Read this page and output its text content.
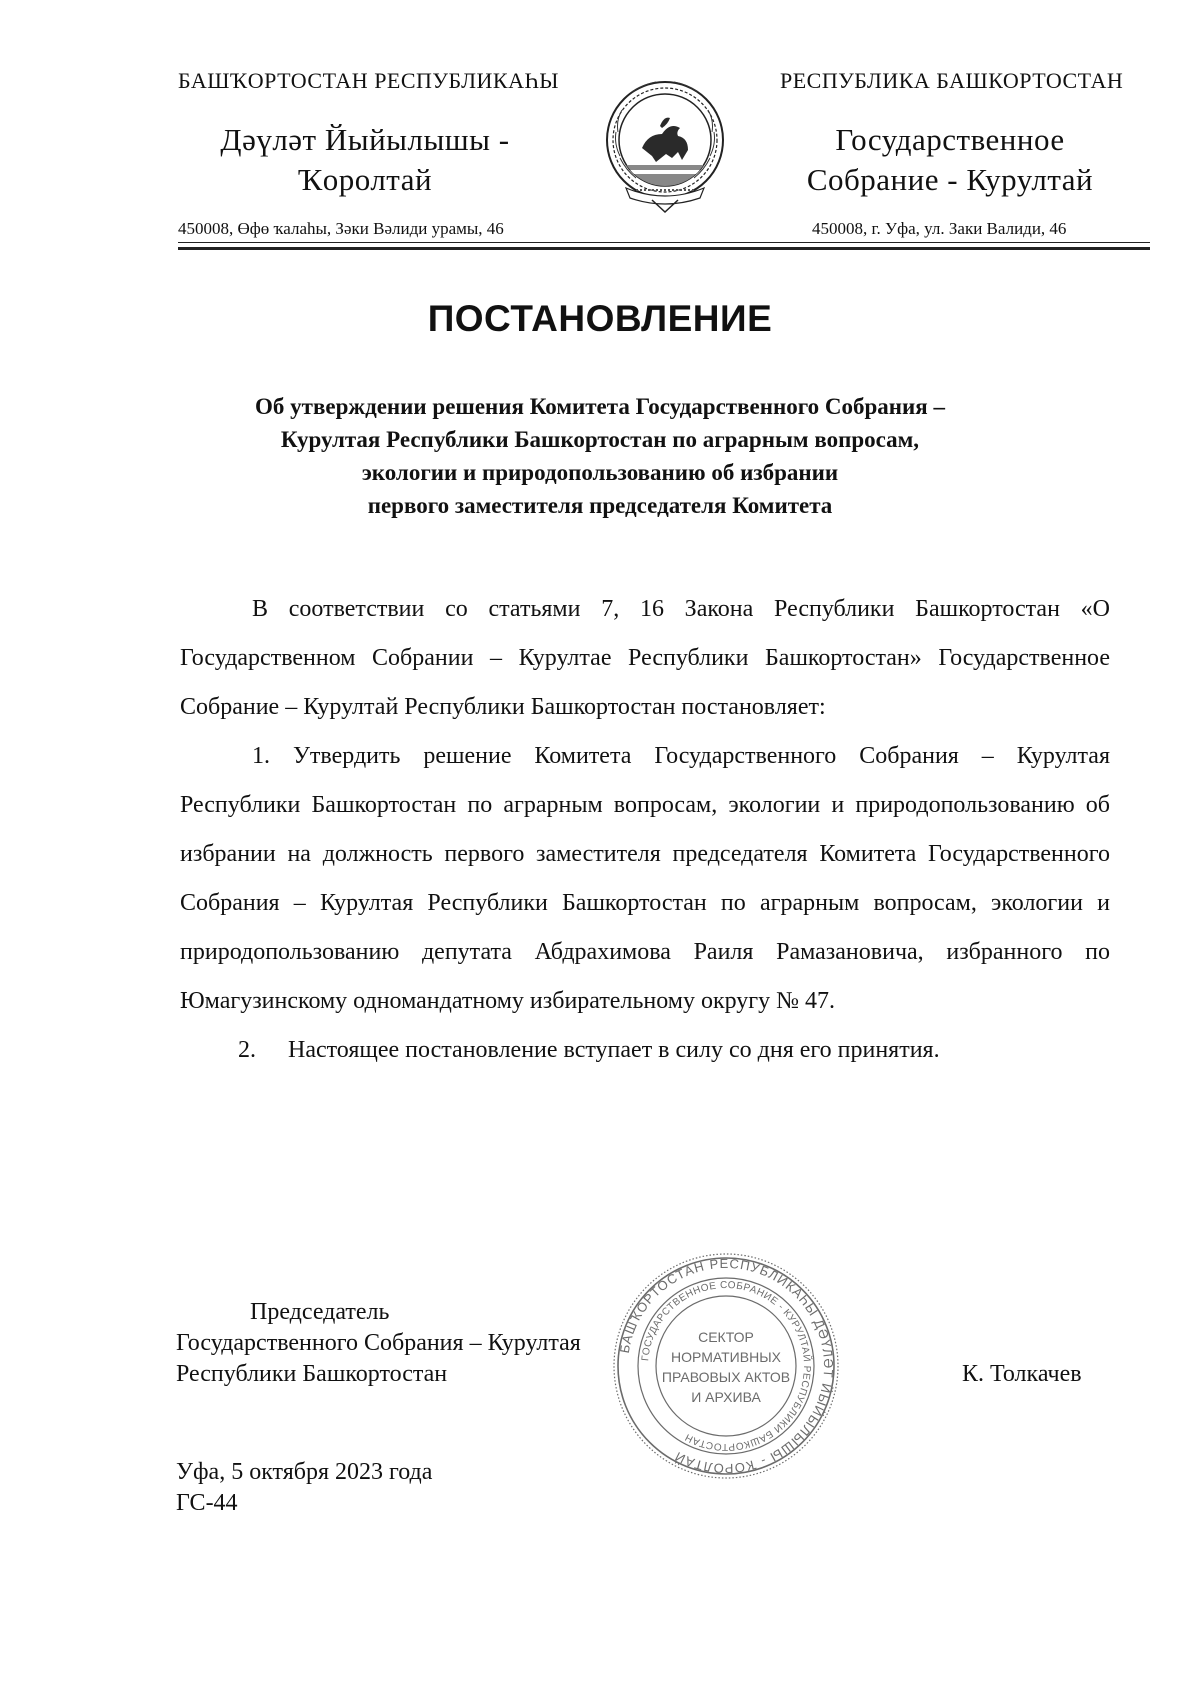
БАШҠОРТОСТАН РЕСПУБЛИКАҺЫ	РЕСПУБЛИКА БАШКОРТОСТАН
Дәүләт Йыйылышы -
Ҡоролтай
Государственное
Собрание - Курултай
450008, Өфө ҡалаһы, Зәки Вәлиди урамы, 46	450008, г. Уфа, ул. Заки Валиди, 46
ПОСТАНОВЛЕНИЕ
Об утверждении решения Комитета Государственного Собрания –
Курултая Республики Башкортостан по аграрным вопросам,
экологии и природопользованию об избрании
первого заместителя председателя Комитета

В соответствии со статьями 7, 16 Закона Республики Башкортостан «О Государственном Собрании – Курултае Республики Башкортостан» Государственное Собрание – Курултай Республики Башкортостан постановляет:

1. Утвердить решение Комитета Государственного Собрания – Курултая Республики Башкортостан по аграрным вопросам, экологии и природопользованию об избрании на должность первого заместителя председателя Комитета Государственного Собрания – Курултая Республики Башкортостан по аграрным вопросам, экологии и природопользованию депутата Абдрахимова Раиля Рамазановича, избранного по Юмагузинскому одномандатному избирательному округу № 47.

2. Настоящее постановление вступает в силу со дня его принятия.

Председатель
Государственного Собрания – Курултая
Республики Башкортостан	К. Толкачев
БАШҠОРТОСТАН РЕСПУБЛИКАҺЫ ДӘҮЛӘТ ЙЫЙЫЛЫШЫ - ҠОРОЛТАЙ
ГОСУДАРСТВЕННОЕ СОБРАНИЕ - КУРУЛТАЙ РЕСПУБЛИКИ БАШКОРТОСТАН
СЕКТОР
НОРМАТИВНЫХ
ПРАВОВЫХ АКТОВ
И АРХИВА
Уфа, 5 октября 2023 года
ГС-44
